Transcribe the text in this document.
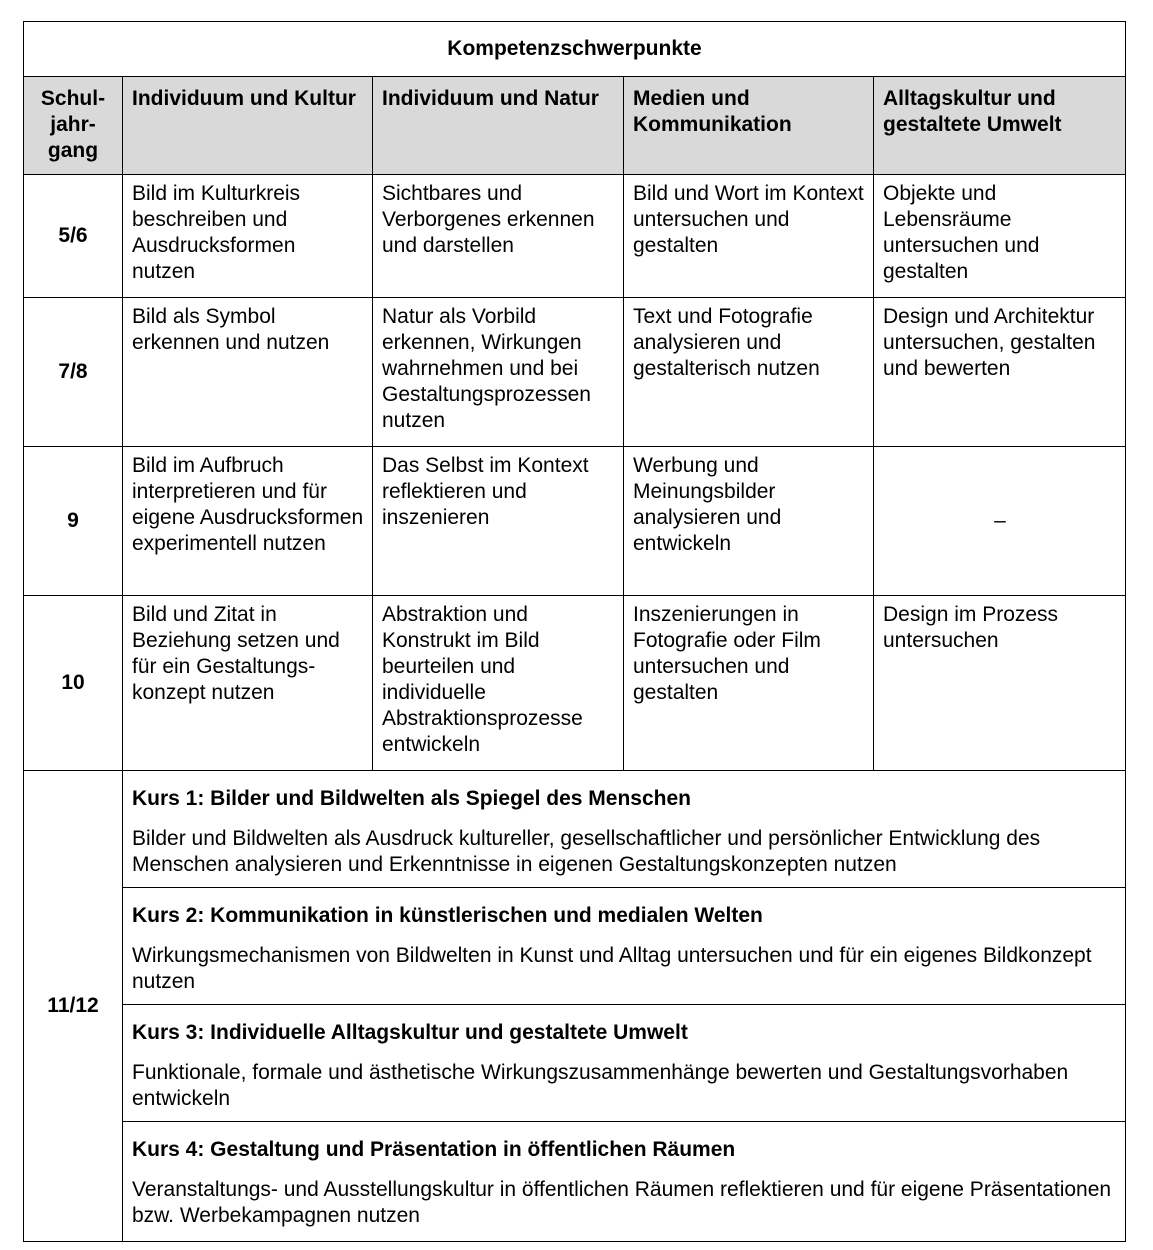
Kompetenzschwerpunkte				
Schul-
jahr-
gang	Individuum und Kultur	Individuum und Natur	Medien und Kommunikation	Alltagskultur und gestaltete Umwelt
5/6	Bild im Kulturkreis beschreiben und Ausdrucksformen nutzen	Sichtbares und Verborgenes erkennen und darstellen	Bild und Wort im Kontext untersuchen und gestalten	Objekte und Lebensräume untersuchen und gestalten
7/8	Bild als Symbol erkennen und nutzen	Natur als Vorbild erkennen, Wirkungen wahrnehmen und bei Gestaltungsprozessen nutzen	Text und Fotografie analysieren und gestalterisch nutzen	Design und Architektur untersuchen, gestalten und bewerten
9	Bild im Aufbruch interpretieren und für eigene Ausdrucksformen experimentell nutzen	Das Selbst im Kontext reflektieren und inszenieren	Werbung und Meinungsbilder analysieren und entwickeln	–
10	Bild und Zitat in Beziehung setzen und für ein Gestaltungs-konzept nutzen	Abstraktion und Konstrukt im Bild beurteilen und individuelle Abstraktionsprozesse entwickeln	Inszenierungen in Fotografie oder Film untersuchen und gestalten	Design im Prozess untersuchen
11/12	Kurs 1: Bilder und Bildwelten als Spiegel des Menschen
Bilder und Bildwelten als Ausdruck kultureller, gesellschaftlicher und persönlicher Entwicklung des Menschen analysieren und Erkenntnisse in eigenen Gestaltungskonzepten nutzen			

	Kurs 2: Kommunikation in künstlerischen und medialen Welten
Wirkungsmechanismen von Bildwelten in Kunst und Alltag untersuchen und für ein eigenes Bildkonzept nutzen			

	Kurs 3: Individuelle Alltagskultur und gestaltete Umwelt
Funktionale, formale und ästhetische Wirkungszusammenhänge bewerten und Gestaltungsvorhaben entwickeln			

	Kurs 4: Gestaltung und Präsentation in öffentlichen Räumen
Veranstaltungs- und Ausstellungskultur in öffentlichen Räumen reflektieren und für eigene Präsentationen bzw. Werbekampagnen nutzen			
